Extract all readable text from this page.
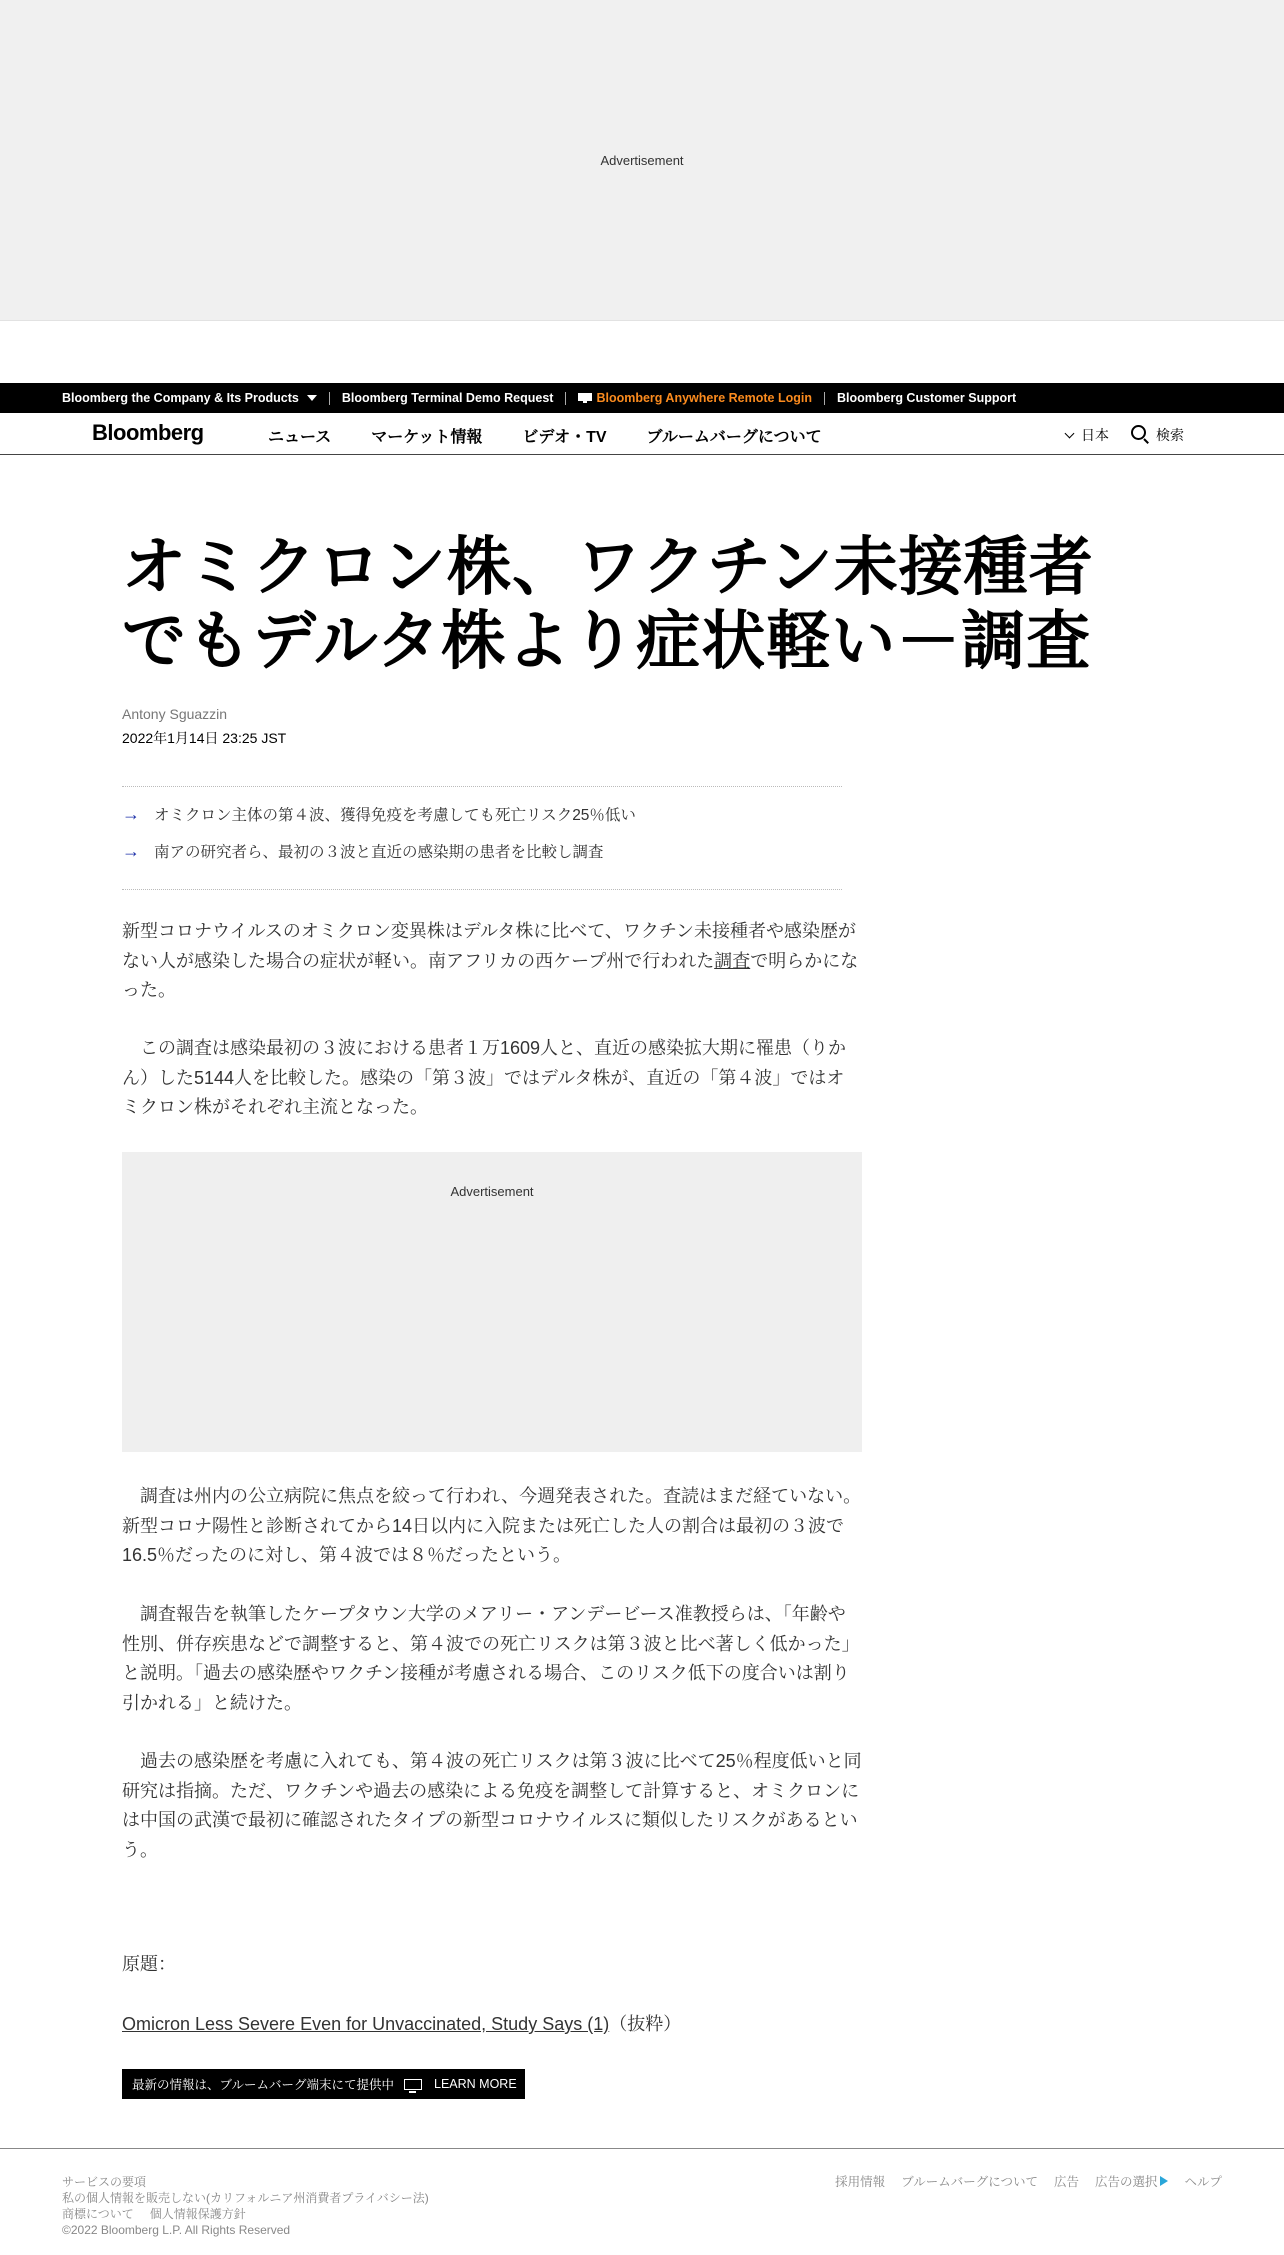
Advertisement
Bloomberg the Company & Its Products	Bloomberg Terminal Demo Request	Bloomberg Anywhere Remote Login Bloomberg Customer Support
Bloomberg	ニュース	マーケット情報	ビデオ・TV	ブルームバーグについて	日本	検索
オミクロン株、ワクチン未接種者でもデルタ株より症状軽い－調査
Antony Sguazzin
2022年1月14日 23:25 JST
→ オミクロン主体の第４波、獲得免疫を考慮しても死亡リスク25％低い
→ 南アの研究者ら、最初の３波と直近の感染期の患者を比較し調査

新型コロナウイルスのオミクロン変異株はデルタ株に比べて、ワクチン未接種者や感染歴がない人が感染した場合の症状が軽い。南アフリカの西ケープ州で行われた調査で明らかになった。

　この調査は感染最初の３波における患者１万1609人と、直近の感染拡大期に罹患（りかん）した5144人を比較した。感染の「第３波」ではデルタ株が、直近の「第４波」ではオミクロン株がそれぞれ主流となった。

Advertisement

　調査は州内の公立病院に焦点を絞って行われ、今週発表された。査読はまだ経ていない。新型コロナ陽性と診断されてから14日以内に入院または死亡した人の割合は最初の３波で16.5％だったのに対し、第４波では８％だったという。

　調査報告を執筆したケープタウン大学のメアリー・アンデービース准教授らは、「年齢や性別、併存疾患などで調整すると、第４波での死亡リスクは第３波と比べ著しく低かった」と説明。「過去の感染歴やワクチン接種が考慮される場合、このリスク低下の度合いは割り引かれる」と続けた。

　過去の感染歴を考慮に入れても、第４波の死亡リスクは第３波に比べて25％程度低いと同研究は指摘。ただ、ワクチンや過去の感染による免疫を調整して計算すると、オミクロンには中国の武漢で最初に確認されたタイプの新型コロナウイルスに類似したリスクがあるという。

原題：
Omicron Less Severe Even for Unvaccinated, Study Says (1)（抜粋）
最新の情報は、ブルームバーグ端末にて提供中	LEARN MORE
サービスの要項
私の個人情報を販売しない(カリフォルニア州消費者プライバシー法)
商標について 個人情報保護方針
©2022 Bloomberg L.P. All Rights Reserved
採用情報 ブルームバーグについて 広告 広告の選択	ヘルプ
